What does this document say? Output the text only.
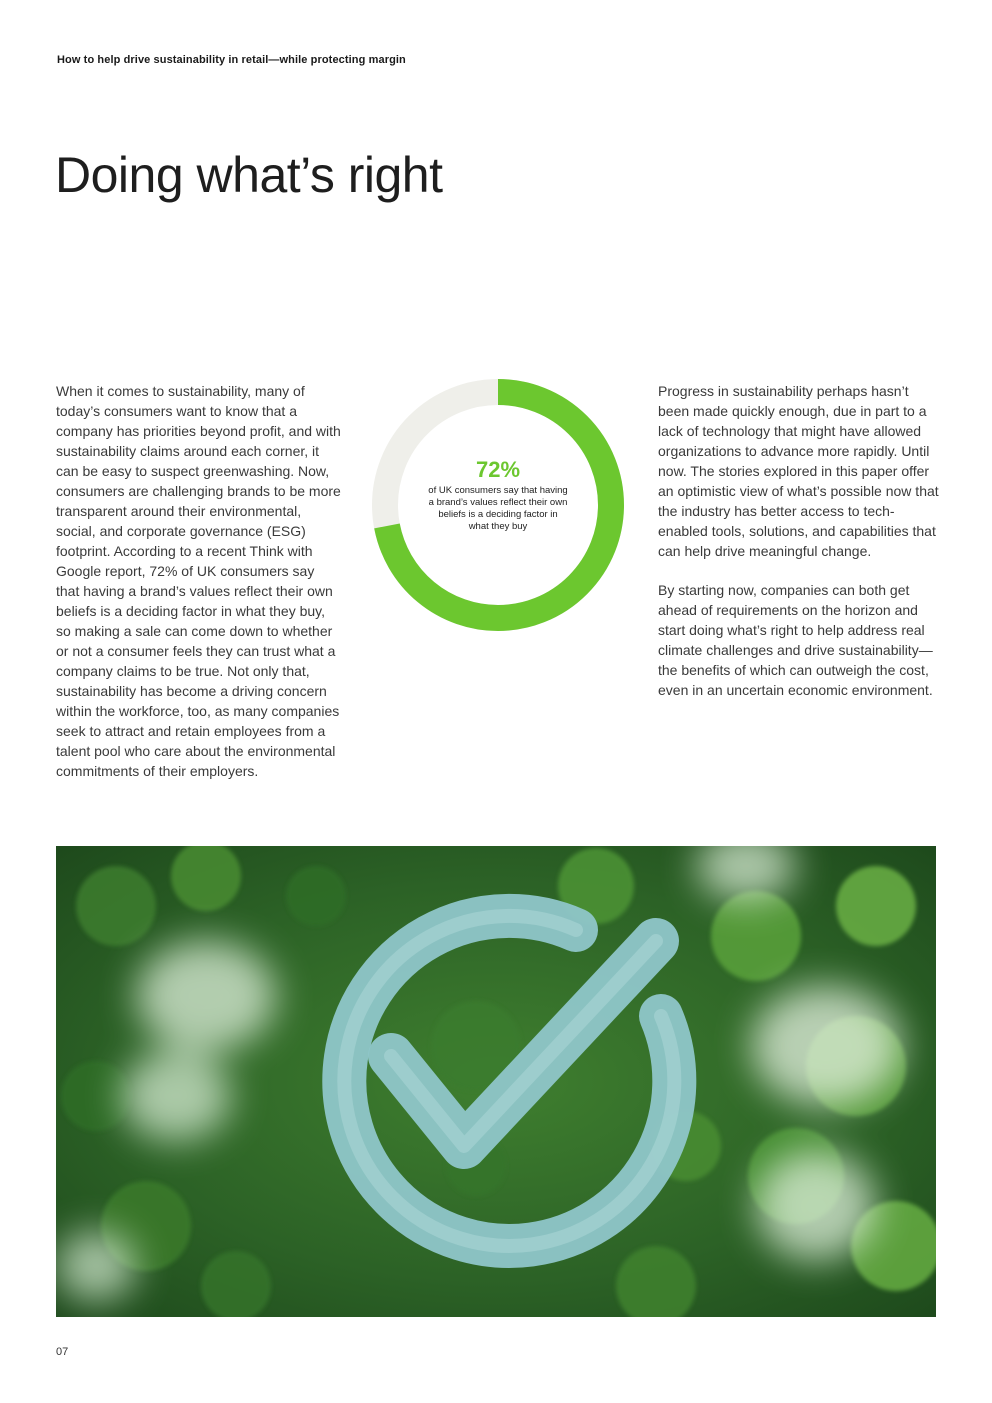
How to help drive sustainability in retail—while protecting margin
Doing what’s right

When it comes to sustainability, many of today’s consumers want to know that a company has priorities beyond profit, and with sustainability claims around each corner, it can be easy to suspect greenwashing. Now, consumers are challenging brands to be more transparent around their environmental, social, and corporate governance (ESG) footprint. According to a recent Think with Google report, 72% of UK consumers say that having a brand’s values reflect their own beliefs is a deciding factor in what they buy, so making a sale can come down to whether or not a consumer feels they can trust what a company claims to be true. Not only that, sustainability has become a driving concern within the workforce, too, as many companies seek to attract and retain employees from a talent pool who care about the environmental commitments of their employers.

72%
of UK consumers say that having a brand’s values reflect their own beliefs is a deciding factor in what they buy

Progress in sustainability perhaps hasn’t been made quickly enough, due in part to a lack of technology that might have allowed organizations to advance more rapidly. Until now. The stories explored in this paper offer an optimistic view of what’s possible now that the industry has better access to tech-enabled tools, solutions, and capabilities that can help drive meaningful change.

By starting now, companies can both get ahead of requirements on the horizon and start doing what’s right to help address real climate challenges and drive sustainability—the benefits of which can outweigh the cost, even in an uncertain economic environment.

07
